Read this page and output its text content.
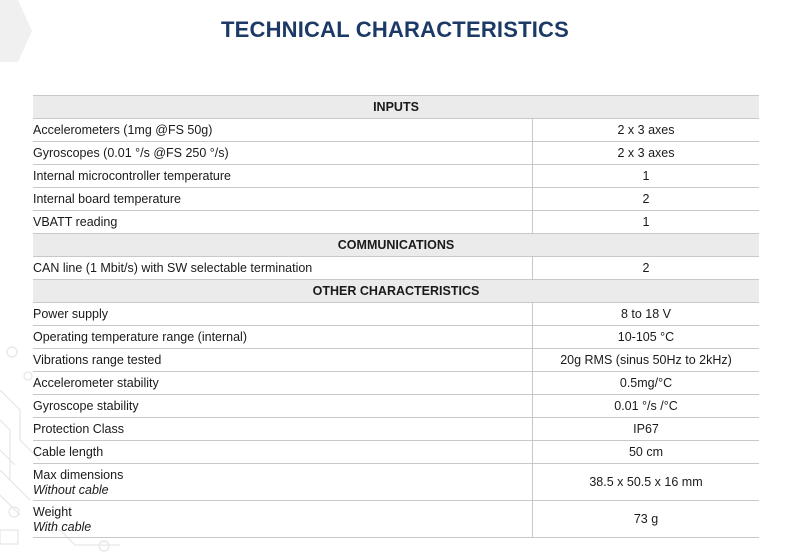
TECHNICAL CHARACTERISTICS
INPUTS	
Accelerometers (1mg @FS 50g)	2 x 3 axes
Gyroscopes (0.01 °/s @FS 250 °/s)	2 x 3 axes
Internal microcontroller temperature	1
Internal board temperature	2
VBATT reading	1
COMMUNICATIONS	
CAN line (1 Mbit/s) with SW selectable termination	2
OTHER CHARACTERISTICS	
Power supply	8 to 18 V
Operating temperature range (internal)	10-105 °C
Vibrations range tested	20g RMS (sinus 50Hz to 2kHz)
Accelerometer stability	0.5mg/°C
Gyroscope stability	0.01 °/s /°C
Protection Class	IP67
Cable length	50 cm
Max dimensions
Without cable	38.5 x 50.5 x 16 mm
Weight
With cable	73 g
